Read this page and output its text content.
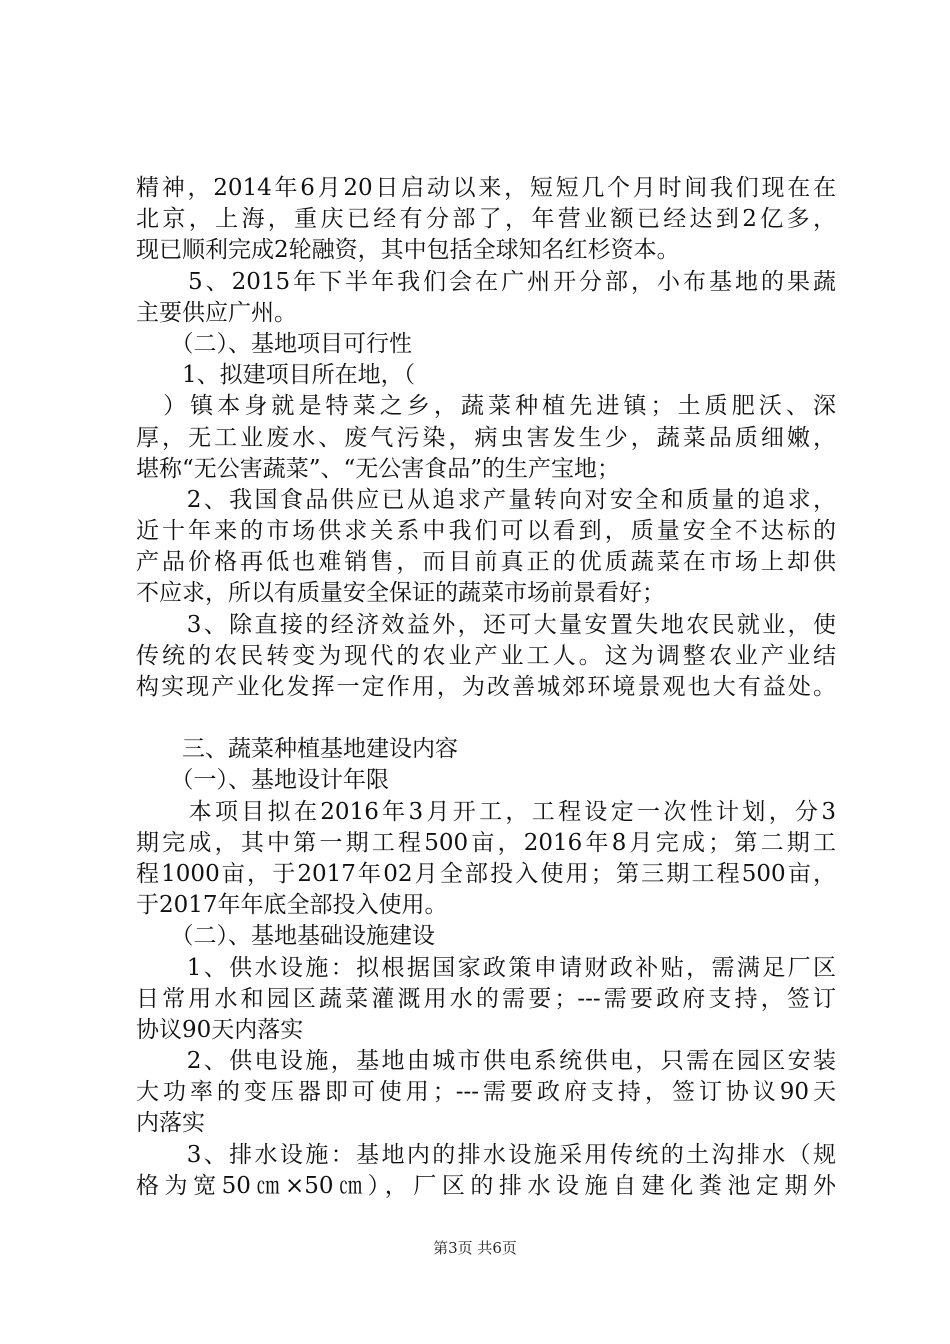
精神，2014年6月20日启动以来，短短几个月时间我们现在在
北京，上海，重庆已经有分部了，年营业额已经达到2亿多，
现已顺利完成2轮融资，其中包括全球知名红杉资本。
　　5、2015年下半年我们会在广州开分部，小布基地的果蔬
主要供应广州。
　　（二）、基地项目可行性
　　1、拟建项目所在地，（
　）镇本身就是特菜之乡，蔬菜种植先进镇；土质肥沃、深
厚，无工业废水、废气污染，病虫害发生少，蔬菜品质细嫩，
堪称“无公害蔬菜”、“无公害食品”的生产宝地；
　　2、我国食品供应已从追求产量转向对安全和质量的追求，
近十年来的市场供求关系中我们可以看到，质量安全不达标的
产品价格再低也难销售，而目前真正的优质蔬菜在市场上却供
不应求，所以有质量安全保证的蔬菜市场前景看好；
　　3、除直接的经济效益外，还可大量安置失地农民就业，使
传统的农民转变为现代的农业产业工人。这为调整农业产业结
构实现产业化发挥一定作用，为改善城郊环境景观也大有益处。
　　三、蔬菜种植基地建设内容
　　（一）、基地设计年限
　　本项目拟在2016年3月开工，工程设定一次性计划，分3
期完成，其中第一期工程500亩，2016年8月完成；第二期工
程1000亩，于2017年02月全部投入使用；第三期工程500亩，
于2017年年底全部投入使用。
　　（二）、基地基础设施建设
　　1、供水设施：拟根据国家政策申请财政补贴，需满足厂区
日常用水和园区蔬菜灌溉用水的需要；---需要政府支持，签订
协议90天内落实
　　2、供电设施，基地由城市供电系统供电，只需在园区安装
大功率的变压器即可使用；---需要政府支持，签订协议90天
内落实
　　3、排水设施：基地内的排水设施采用传统的土沟排水（规
格为宽50㎝×50㎝），厂区的排水设施自建化粪池定期外
第3页 共6页
